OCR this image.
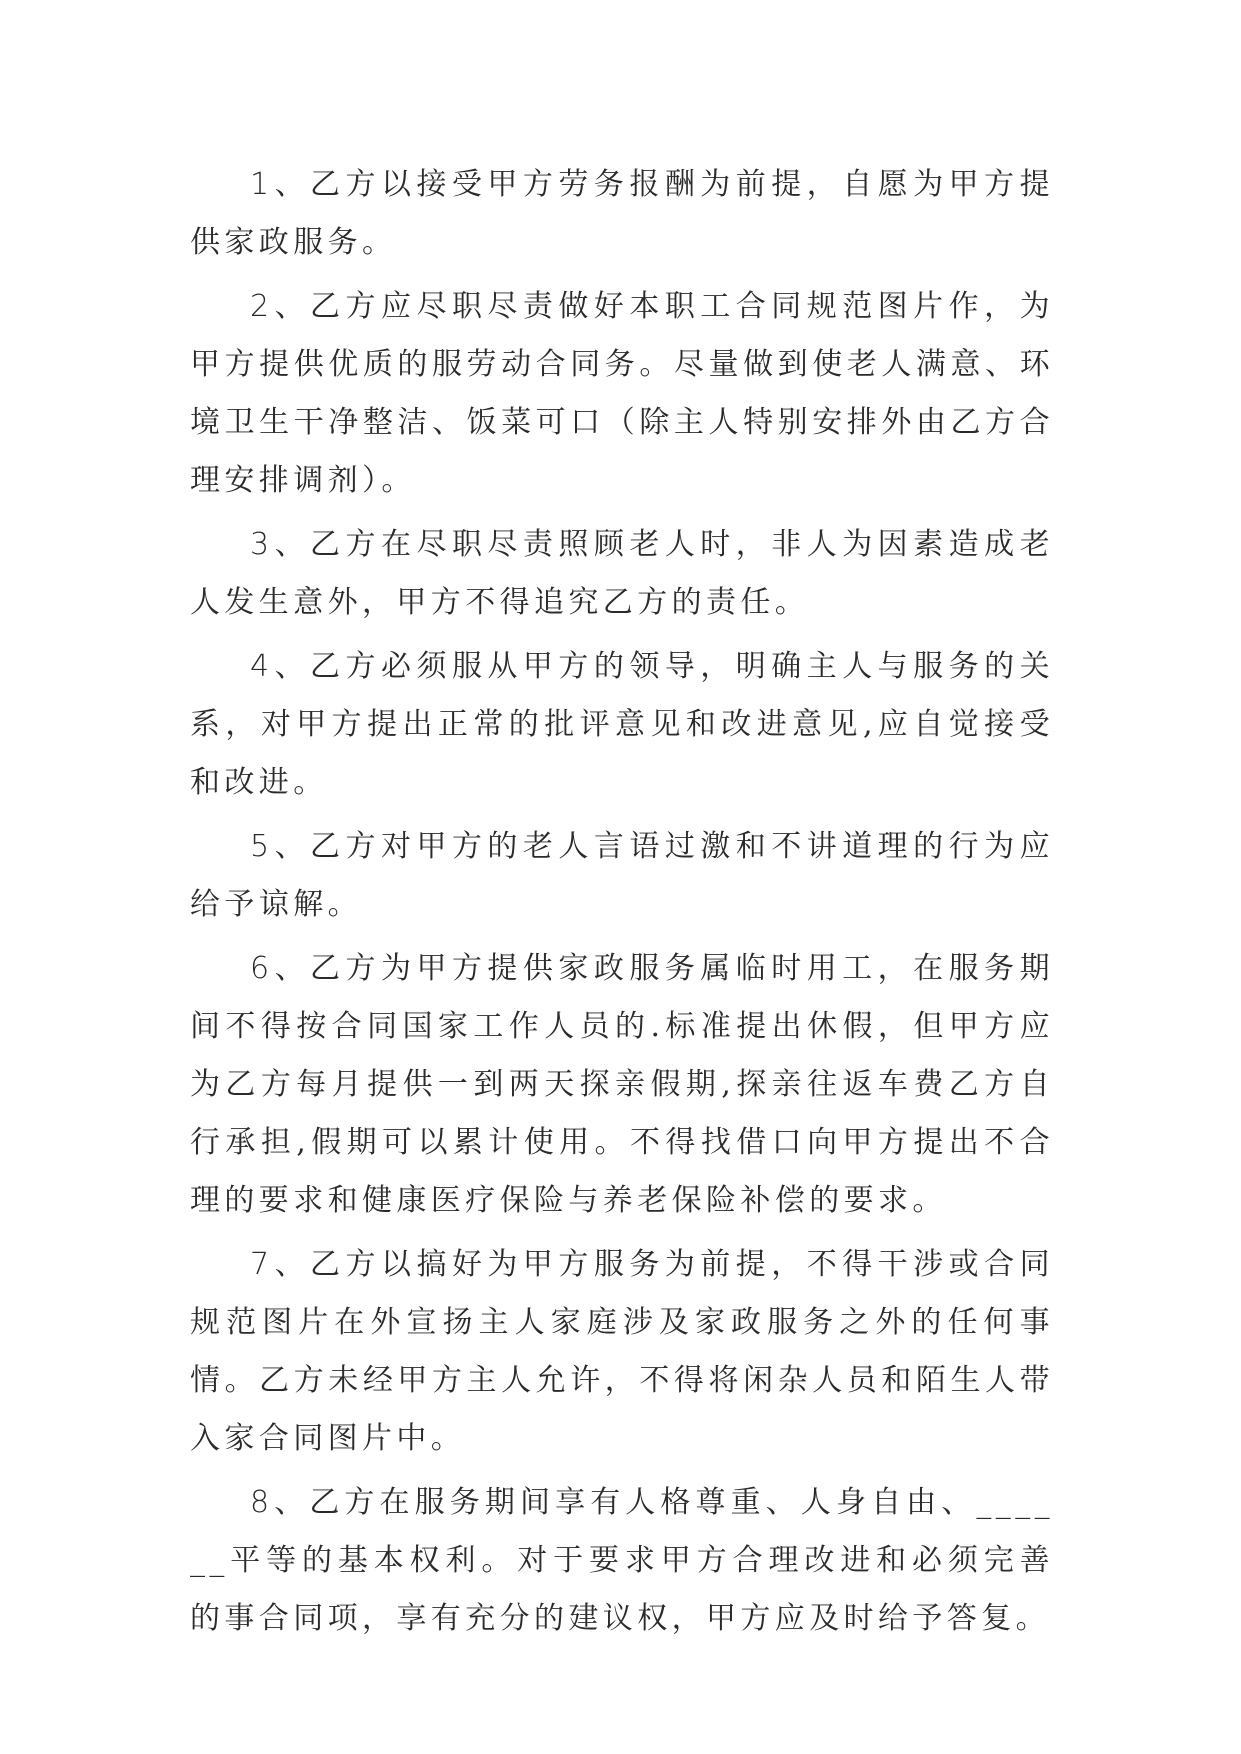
1、乙方以接受甲方劳务报酬为前提，自愿为甲方提供家政服务。

2、乙方应尽职尽责做好本职工合同规范图片作，为甲方提供优质的服劳动合同务。尽量做到使老人满意、环境卫生干净整洁、饭菜可口（除主人特别安排外由乙方合理安排调剂）。

3、乙方在尽职尽责照顾老人时，非人为因素造成老人发生意外，甲方不得追究乙方的责任。

4、乙方必须服从甲方的领导，明确主人与服务的关系，对甲方提出正常的批评意见和改进意见,应自觉接受和改进。

5、乙方对甲方的老人言语过激和不讲道理的行为应给予谅解。

6、乙方为甲方提供家政服务属临时用工，在服务期间不得按合同国家工作人员的.标准提出休假，但甲方应为乙方每月提供一到两天探亲假期,探亲往返车费乙方自行承担,假期可以累计使用。不得找借口向甲方提出不合理的要求和健康医疗保险与养老保险补偿的要求。

7、乙方以搞好为甲方服务为前提，不得干涉或合同规范图片在外宣扬主人家庭涉及家政服务之外的任何事情。乙方未经甲方主人允许，不得将闲杂人员和陌生人带入家合同图片中。

8、乙方在服务期间享有人格尊重、人身自由、______平等的基本权利。对于要求甲方合理改进和必须完善的事合同项，享有充分的建议权，甲方应及时给予答复。
